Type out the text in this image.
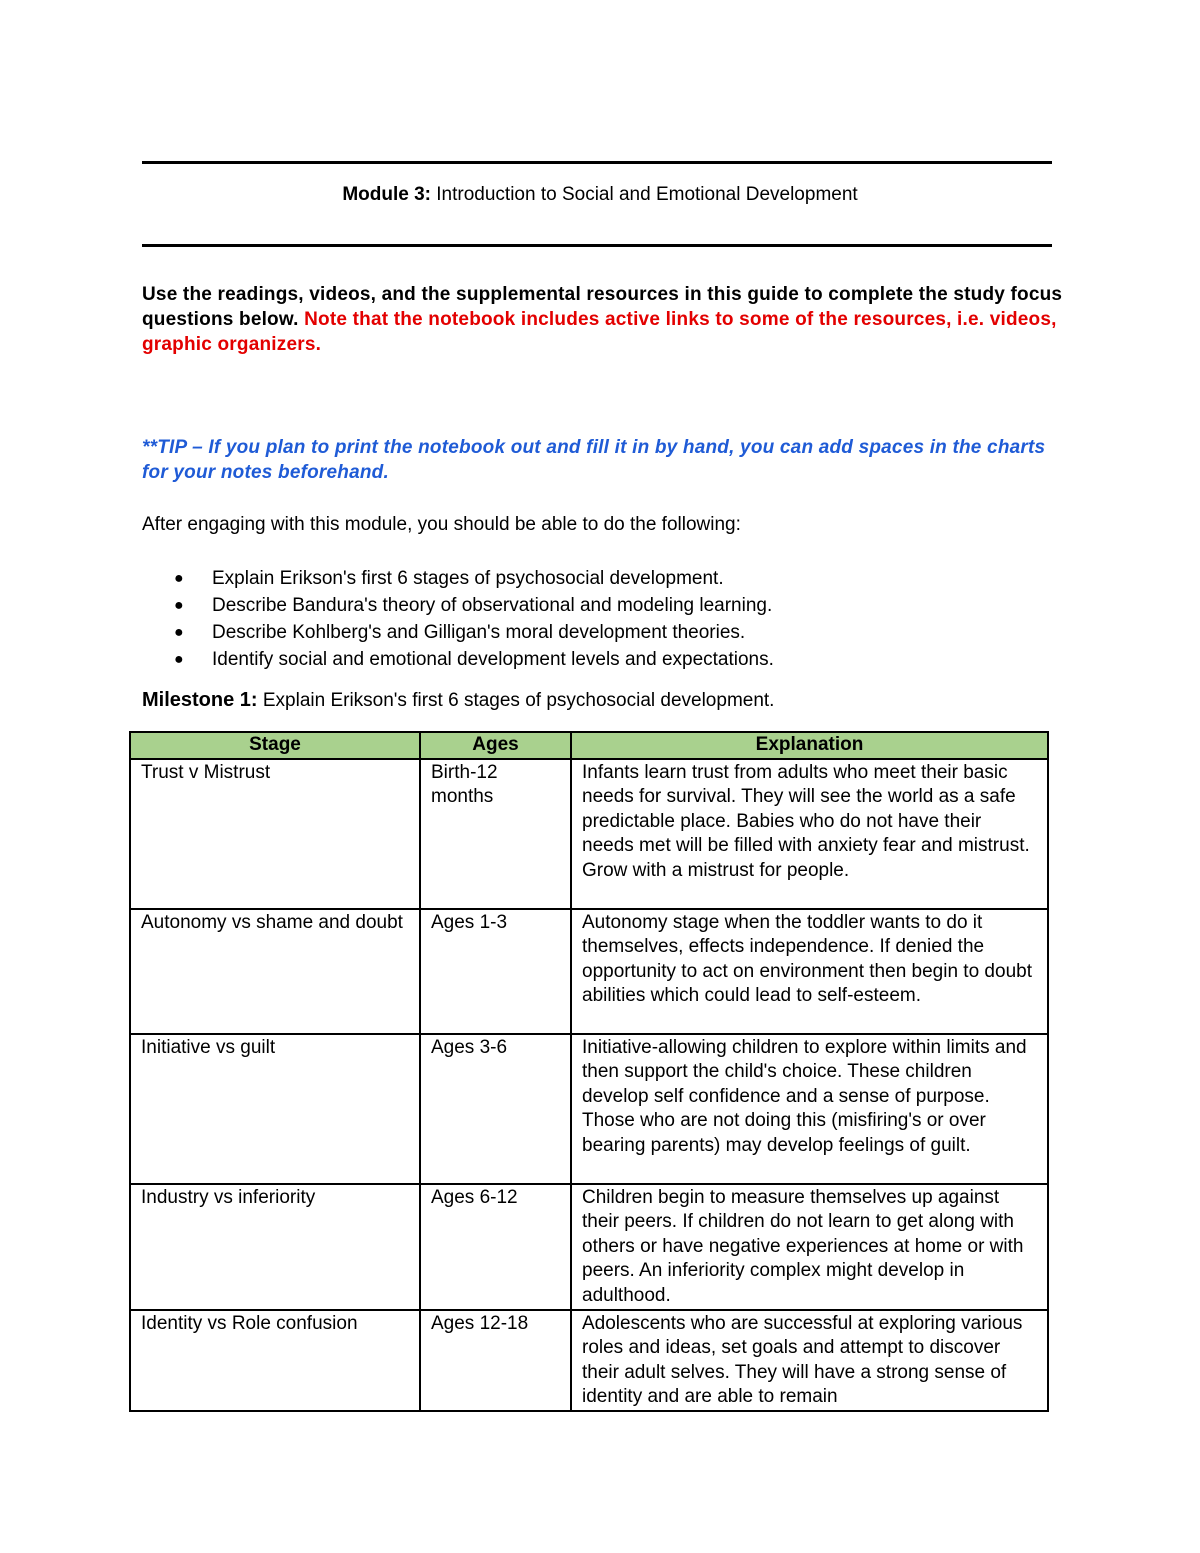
Module 3: Introduction to Social and Emotional Development
Use the readings, videos, and the supplemental resources in this guide to complete the study focus questions below. Note that the notebook includes active links to some of the resources, i.e. videos, graphic organizers.
**TIP – If you plan to print the notebook out and fill it in by hand, you can add spaces in the charts for your notes beforehand.
After engaging with this module, you should be able to do the following:
● Explain Erikson's first 6 stages of psychosocial development.
● Describe Bandura's theory of observational and modeling learning.
● Describe Kohlberg's and Gilligan's moral development theories.
● Identify social and emotional development levels and expectations.
Milestone 1: Explain Erikson's first 6 stages of psychosocial development.
Stage	Ages	Explanation
Trust v Mistrust	Birth-12 months	Infants learn trust from adults who meet their basic needs for survival. They will see the world as a safe predictable place. Babies who do not have their needs met will be filled with anxiety fear and mistrust. Grow with a mistrust for people.
Autonomy vs shame and doubt	Ages 1-3	Autonomy stage when the toddler wants to do it themselves, effects independence. If denied the opportunity to act on environment then begin to doubt abilities which could lead to self-esteem.
Initiative vs guilt	Ages 3-6	Initiative-allowing children to explore within limits and then support the child's choice. These children develop self confidence and a sense of purpose. Those who are not doing this (misfiring's or over bearing parents) may develop feelings of guilt.
Industry vs inferiority	Ages 6-12	Children begin to measure themselves up against their peers. If children do not learn to get along with others or have negative experiences at home or with peers. An inferiority complex might develop in adulthood.
Identity vs Role confusion	Ages 12-18	Adolescents who are successful at exploring various roles and ideas, set goals and attempt to discover their adult selves. They will have a strong sense of identity and are able to remain
